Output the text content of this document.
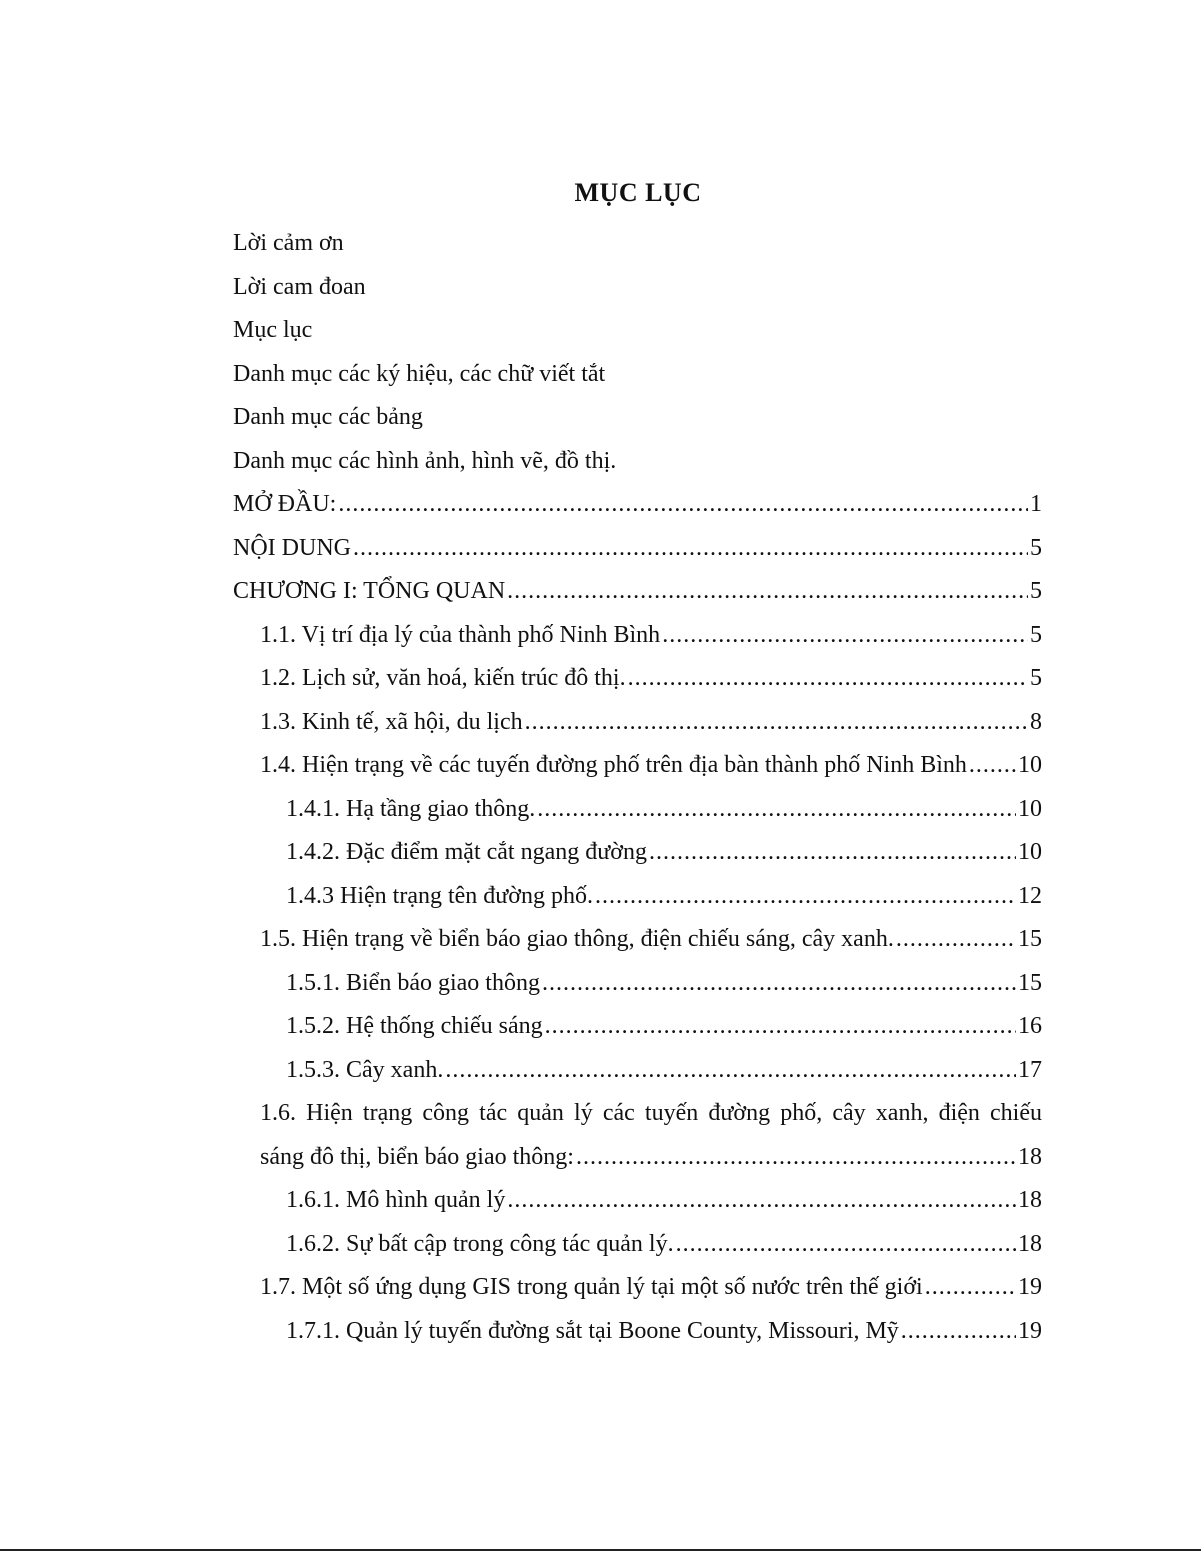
MỤC LỤC
Lời cảm ơn
Lời cam đoan
Mục lục
Danh mục các ký hiệu, các chữ viết tắt
Danh mục các bảng
Danh mục các hình ảnh, hình vẽ, đồ thị.
MỞ ĐẦU: .....	1
NỘI DUNG .....	5
CHƯƠNG I: TỔNG QUAN .....	5
1.1. Vị trí địa lý của thành phố Ninh Bình .....	5
1.2. Lịch sử, văn hoá, kiến trúc đô thị. .....	5
1.3. Kinh tế, xã hội, du lịch .....	8
1.4. Hiện trạng về các tuyến đường phố trên địa bàn thành phố Ninh Bình ..... 10
1.4.1. Hạ tầng giao thông. .....	10
1.4.2. Đặc điểm mặt cắt ngang đường .....	10
1.4.3 Hiện trạng tên đường phố. .....	12
1.5. Hiện trạng về biển báo giao thông, điện chiếu sáng, cây xanh. .....	15
1.5.1. Biển báo giao thông .....	15
1.5.2. Hệ thống chiếu sáng .....	16
1.5.3. Cây xanh. .....	17
1.6. Hiện trạng công tác quản lý các tuyến đường phố, cây xanh, điện chiếu
sáng đô thị, biển báo giao thông: .....	18
1.6.1. Mô hình quản lý .....	18
1.6.2. Sự bất cập trong công tác quản lý. .....	18
1.7. Một số ứng dụng GIS trong quản lý tại một số nước trên thế giới .....	19
1.7.1. Quản lý tuyến đường sắt tại Boone County, Missouri, Mỹ .....	19
